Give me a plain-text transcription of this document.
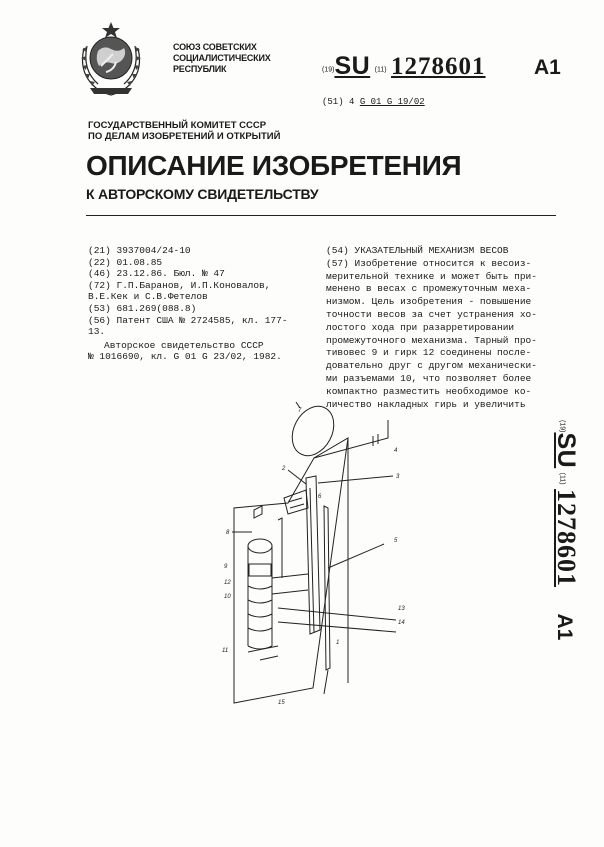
СОЮЗ СОВЕТСКИХ
СОЦИАЛИСТИЧЕСКИХ
РЕСПУБЛИК	(19)SU (11) 1278601 A1
(51) 4 G 01 G 19/02
ГОСУДАРСТВЕННЫЙ КОМИТЕТ СССР
ПО ДЕЛАМ ИЗОБРЕТЕНИЙ И ОТКРЫТИЙ
ОПИСАНИЕ ИЗОБРЕТЕНИЯ
К АВТОРСКОМУ СВИДЕТЕЛЬСТВУ
(21) 3937004/24-10
(22) 01.08.85
(46) 23.12.86. Бюл. № 47
(72) Г.П.Баранов, И.П.Коновалов,
В.Е.Кек и С.В.Фетелов
(53) 681.269(088.8)
(56) Патент США № 2724585, кл. 177-
13.
Авторское свидетельство СССР
№ 1016690, кл. G 01 G 23/02, 1982.
(54) УКАЗАТЕЛЬНЫЙ МЕХАНИЗМ ВЕСОВ
(57) Изобретение относится к весоиз-
мерительной технике и может быть при-
менено в весах с промежуточным меха-
низмом. Цель изобретения - повышение
точности весов за счет устранения хо-
лостого хода при разарретировании
промежуточного механизма. Тарный про-
тивовес 9 и гирк 12 соединены после-
довательно друг с другом механически-
ми разъемами 10, что позволяет более
компактно разместить необходимое ко-
личество накладных гирь и увеличить
(19)SU (11) 1278601 A1
7
2
3
4
6
8
9
12
10
5
13
14
11
1
15
